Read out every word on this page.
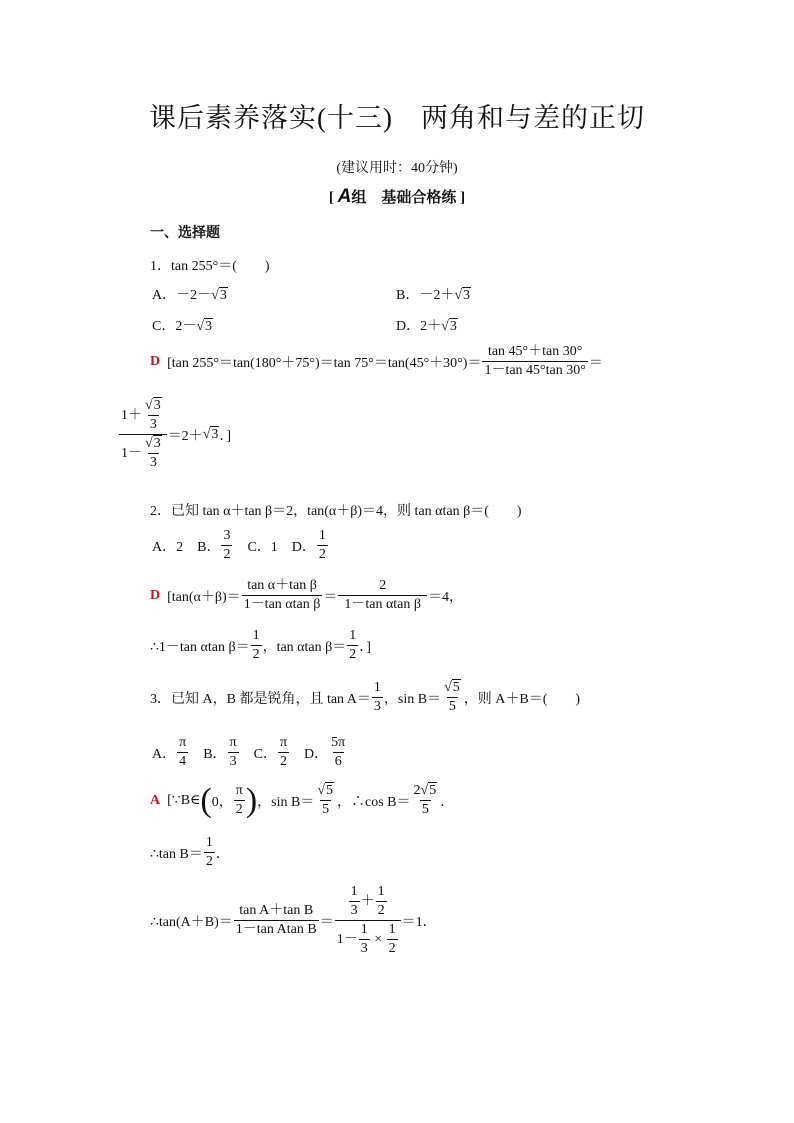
课后素养落实(十三)　两角和与差的正切
(建议用时：40分钟)
[ A组　基础合格练 ]
一、选择题
1．tan 255°＝(　　)
A．－2－√3	B．－2＋√3
C．2－√3	D．2＋√3
D
[tan 255°＝tan(180°＋75°)＝tan $75^\circ=\tan(45^\circ+30^\circ)= \frac{\tan 45^\circ+\tan 30^\circ}{1-\tan 45^\circ\tan 30^\circ}$ ＝
$\frac{1+ \frac{√3}{3}}{1- \frac{√3}{3}} =2+ √3$ ．]
2．已知 tan α＋tan β＝2，tan(α＋β)＝4，则 tan αtan β＝(　　)
A．2　B． $\frac{3}{2}$ 　C．1　D． $\frac{1}{2}$
D
[$\tan(\alpha+\beta)= \frac{\text{tan α＋tan β}}{\text{1－tan αtan β}} = \frac{2}{\text{1－tan αtan β}} =4$，
∴1－tan αtan $\beta= \frac{1}{2}$ ，tan αtan $\beta= \frac{1}{2}$ ．]
3．已知 A，B 都是锐角，且 $\tan A= \frac{1}{3}$ ，$\sin B= \frac{√5}{5}$ ，则 A＋B＝(　　)
A． $\frac{\pi}{4}$ 　B． $\frac{\pi}{3}$ 　C． $\frac{\pi}{2}$ 　D． $\frac{5\pi}{6}$
A
[∵B∈ ( 0， $\frac{\pi}{2}$ ) ，$\sin B= \frac{√5}{5}$ ，∴cos $B= \frac{2√5}{5}$ ．
∴tan $B= \frac{1}{2}$ ．
∴tan(A＋B)＝ $\frac{\text{tan A＋tan B}}{\text{1－tan Atan B}} = \frac{1}{3} + \frac{1}{2}$
$1- \frac{1}{3}$
×
$\frac{1}{2} =1$．
